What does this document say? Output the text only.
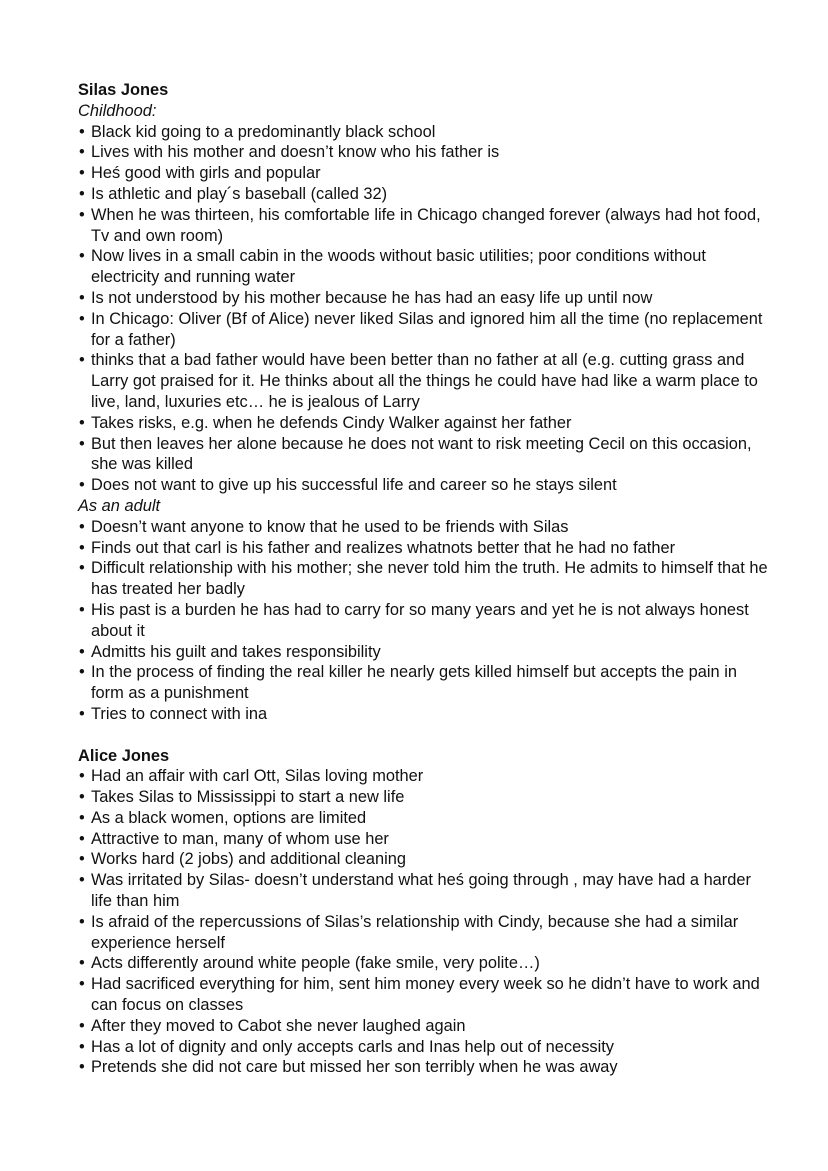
Silas Jones

Childhood:

• Black kid going to a predominantly black school
• Lives with his mother and doesn’t know who his father is
• Heś good with girls and popular
• Is athletic and play´s baseball (called 32)
• When he was thirteen, his comfortable life in Chicago changed forever (always had hot food, Tv and own room)
• Now lives in a small cabin in the woods without basic utilities; poor conditions without electricity and running water
• Is not understood by his mother because he has had an easy life up until now
• In Chicago: Oliver (Bf of Alice) never liked Silas and ignored him all the time (no replacement for a father)
• thinks that a bad father would have been better than no father at all (e.g. cutting grass and Larry got praised for it. He thinks about all the things he could have had like a warm place to live, land, luxuries etc… he is jealous of Larry
• Takes risks, e.g. when he defends Cindy Walker against her father
• But then leaves her alone because he does not want to risk meeting Cecil on this occasion, she was killed
• Does not want to give up his successful life and career so he stays silent

As an adult

• Doesn’t want anyone to know that he used to be friends with Silas
• Finds out that carl is his father and realizes whatnots better that he had no father
• Difficult relationship with his mother; she never told him the truth. He admits to himself that he has treated her badly
• His past is a burden he has had to carry for so many years and yet he is not always honest about it
• Admitts his guilt and takes responsibility
• In the process of finding the real killer he nearly gets killed himself but accepts the pain in form as a punishment
• Tries to connect with ina

Alice Jones

• Had an affair with carl Ott, Silas loving mother
• Takes Silas to Mississippi to start a new life
• As a black women, options are limited
• Attractive to man, many of whom use her
• Works hard (2 jobs) and additional cleaning
• Was irritated by Silas- doesn’t understand what heś going through , may have had a harder life than him
• Is afraid of the repercussions of Silas’s relationship with Cindy, because she had a similar experience herself
• Acts differently around white people (fake smile, very polite…)
• Had sacrificed everything for him, sent him money every week so he didn’t have to work and can focus on classes
• After they moved to Cabot she never laughed again
• Has a lot of dignity and only accepts carls and Inas help out of necessity
• Pretends she did not care but missed her son terribly when he was away
